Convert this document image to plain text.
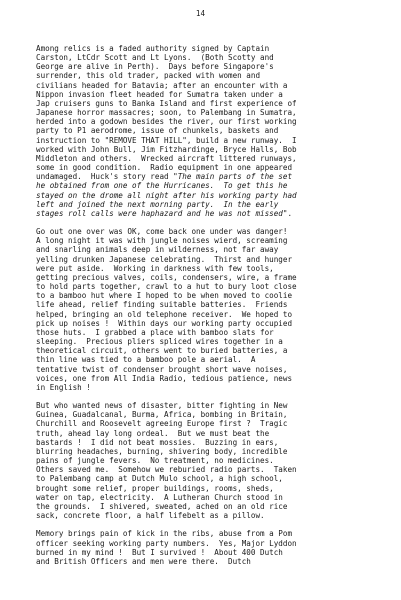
14
Among relics is a faded authority signed by Captain
Carston, LtCdr Scott and Lt Lyons.  (Both Scotty and
George are alive in Perth).  Days before Singapore's
surrender, this old trader, packed with women and
civilians headed for Batavia; after an encounter with a
Nippon invasion fleet headed for Sumatra taken under a
Jap cruisers guns to Banka Island and first experience of
Japanese horror massacres; soon, to Palembang in Sumatra,
herded into a godown besides the river, our first working
party to P1 aerodrome, issue of chunkels, baskets and
instruction to "REMOVE THAT HILL", build a new runway.  I
worked with John Bull, Jim Fitzhardinge, Bryce Halls, Bob
Middleton and others.  Wrecked aircraft littered runways,
some in good condition.  Radio equipment in one appeared
undamaged.  Huck's story read "The main parts of the set
he obtained from one of the Hurricanes.  To get this he
stayed on the drome all night after his working party had
left and joined the next morning party.  In the early
stages roll calls were haphazard and he was not missed".
Go out one over was OK, come back one under was danger!
A long night it was with jungle noises wierd, screaming
and snarling animals deep in wilderness, not far away
yelling drunken Japanese celebrating.  Thirst and hunger
were put aside.  Working in darkness with few tools,
getting precious valves, coils, condensers, wire, a frame
to hold parts together, crawl to a hut to bury loot close
to a bamboo hut where I hoped to be when moved to coolie
life ahead, relief finding suitable batteries.  Friends
helped, bringing an old telephone receiver.  We hoped to
pick up noises !  Within days our working party occupied
those huts.  I grabbed a place with bamboo slats for
sleeping.  Precious pliers spliced wires together in a
theoretical circuit, others went to buried batteries, a
thin line was tied to a bamboo pole a aerial.  A
tentative twist of condenser brought short wave noises,
voices, one from All India Radio, tedious patience, news
in English !
But who wanted news of disaster, bitter fighting in New
Guinea, Guadalcanal, Burma, Africa, bombing in Britain,
Churchill and Roosevelt agreeing Europe first ?  Tragic
truth, ahead lay long ordeal.  But we must beat the
bastards !  I did not beat mossies.  Buzzing in ears,
blurring headaches, burning, shivering body, incredible
pains of jungle fevers.  No treatment, no medicines.
Others saved me.  Somehow we reburied radio parts.  Taken
to Palembang camp at Dutch Mulo school, a high school,
brought some relief, proper buildings, rooms, sheds,
water on tap, electricity.  A Lutheran Church stood in
the grounds.  I shivered, sweated, ached on an old rice
sack, concrete floor, a half lifebelt as a pillow.
Memory brings pain of kick in the ribs, abuse from a Pom
officer seeking working party numbers.  Yes, Major Lyddon
burned in my mind !  But I survived !  About 400 Dutch
and British Officers and men were there.  Dutch
